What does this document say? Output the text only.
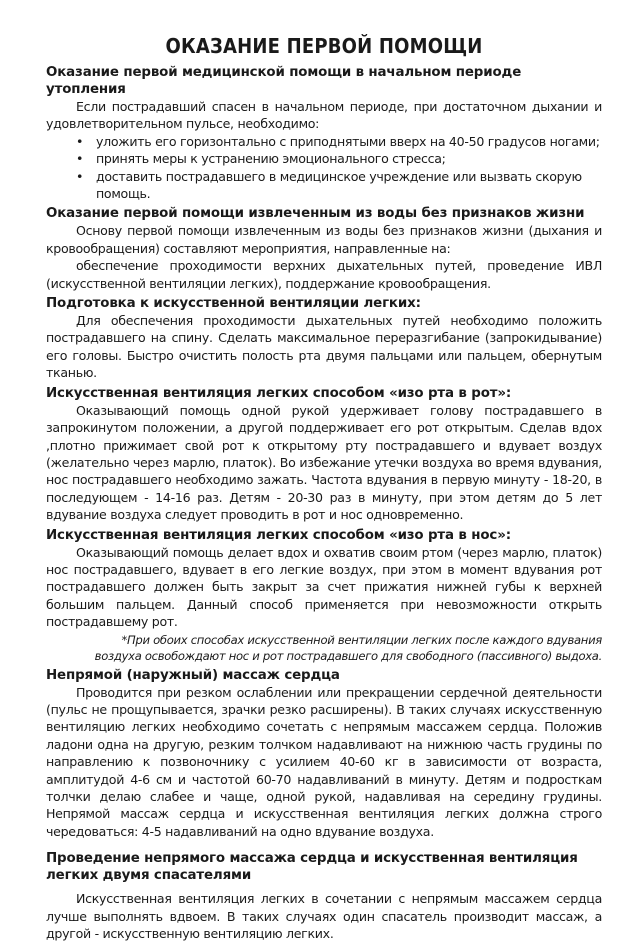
ОКАЗАНИЕ ПЕРВОЙ ПОМОЩИ
Оказание первой медицинской помощи в начальном периоде утопления

Если пострадавший спасен в начальном периоде, при достаточном дыхании и удовлетворительном пульсе, необходимо:

• уложить его горизонтально с приподнятыми вверх на 40-50 градусов ногами;
• принять меры к устранению эмоционального стресса;
• доставить пострадавшего в медицинское учреждение или вызвать скорую помощь.
Оказание первой помощи извлеченным из воды без признаков жизни

Основу первой помощи извлеченным из воды без признаков жизни (дыхания и кровообращения) составляют мероприятия, направленные на:

обеспечение проходимости верхних дыхательных путей, проведение ИВЛ (искусственной вентиляции легких), поддержание кровообращения.

Подготовка к искусственной вентиляции легких:

Для обеспечения проходимости дыхательных путей необходимо положить пострадавшего на спину. Сделать максимальное переразгибание (запрокидывание) его головы. Быстро очистить полость рта двумя пальцами или пальцем, обернутым тканью.

Искусственная вентиляция легких способом «изо рта в рот»:

Оказывающий помощь одной рукой удерживает голову пострадавшего в запрокинутом положении, а другой поддерживает его рот открытым. Сделав вдох ,плотно прижимает свой рот к открытому рту пострадавшего и вдувает воздух (желательно через марлю, платок). Во избежание утечки воздуха во время вдувания, нос пострадавшего необходимо зажать. Частота вдувания в первую минуту - 18-20, в последующем - 14-16 раз. Детям - 20-30 раз в минуту, при этом детям до 5 лет вдувание воздуха следует проводить в рот и нос одновременно.

Искусственная вентиляция легких способом «изо рта в нос»:

Оказывающий помощь делает вдох и охватив своим ртом (через марлю, платок) нос пострадавшего, вдувает в его легкие воздух, при этом в момент вдувания рот пострадавшего должен быть закрыт за счет прижатия нижней губы к верхней большим пальцем. Данный способ применяется при невозможности открыть пострадавшему рот.

*При обоих способах искусственной вентиляции легких после каждого вдувания
воздуха освобождают нос и рот пострадавшего для свободного (пассивного) выдоха.
Непрямой (наружный) массаж сердца

Проводится при резком ослаблении или прекращении сердечной деятельности (пульс не прощупывается, зрачки резко расширены). В таких случаях искусственную вентиляцию легких необходимо сочетать с непрямым массажем сердца. Положив ладони одна на другую, резким толчком надавливают на нижнюю часть грудины по направлению к позвоночнику с усилием 40-60 кг в зависимости от возраста, амплитудой 4-6 см и частотой 60-70 надавливаний в минуту. Детям и подросткам толчки делаю слабее и чаще, одной рукой, надавливая на середину грудины. Непрямой массаж сердца и искусственная вентиляция легких должна строго чередоваться: 4-5 надавливаний на одно вдувание воздуха.

Проведение непрямого массажа сердца и искусственная вентиляция легких двумя спасателями

Искусственная вентиляция легких в сочетании с непрямым массажем сердца лучше выполнять вдвоем. В таких случаях один спасатель производит массаж, а другой - искусственную вентиляцию легких.
